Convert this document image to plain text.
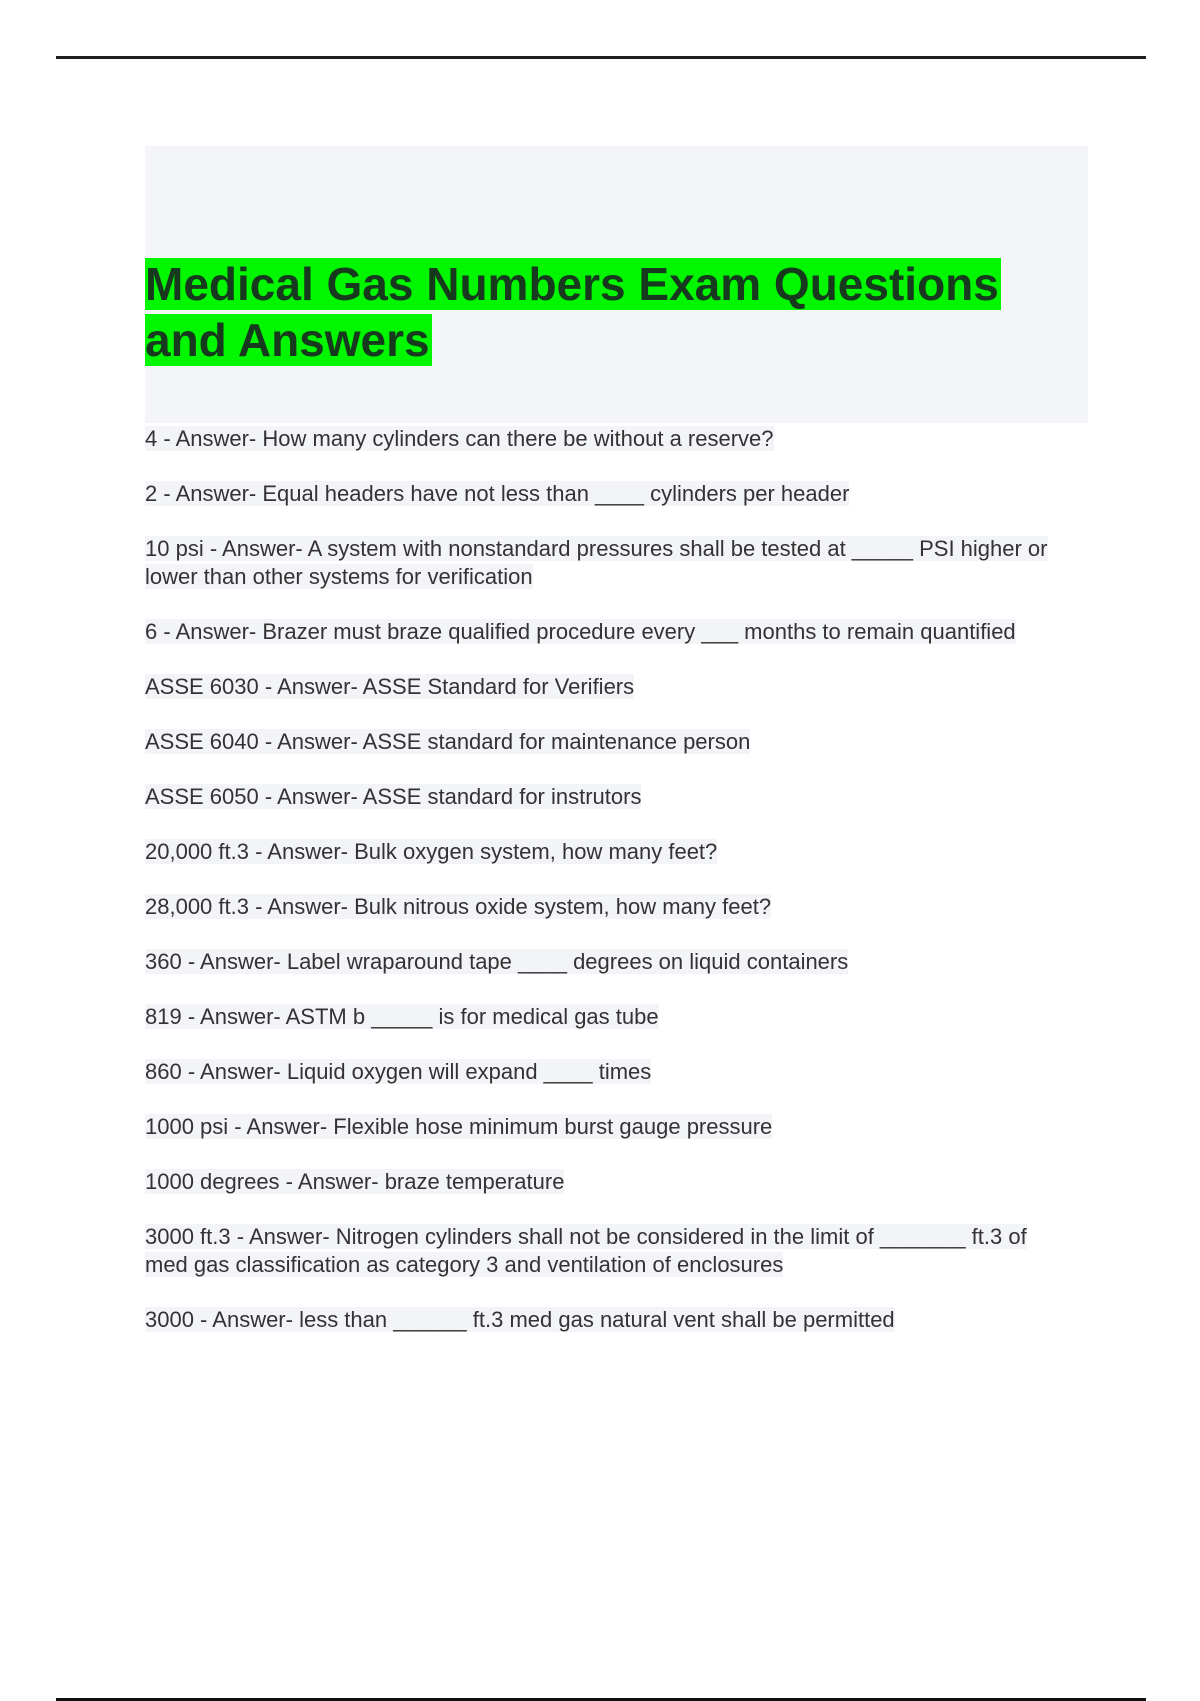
Medical Gas Numbers Exam Questions and Answers
4 - Answer- How many cylinders can there be without a reserve?
2 - Answer- Equal headers have not less than ____ cylinders per header
10 psi - Answer- A system with nonstandard pressures shall be tested at _____ PSI higher or lower than other systems for verification
6 - Answer- Brazer must braze qualified procedure every ___ months to remain quantified
ASSE 6030 - Answer- ASSE Standard for Verifiers
ASSE 6040 - Answer- ASSE standard for maintenance person
ASSE 6050 - Answer- ASSE standard for instrutors
20,000 ft.3 - Answer- Bulk oxygen system, how many feet?
28,000 ft.3 - Answer- Bulk nitrous oxide system, how many feet?
360 - Answer- Label wraparound tape ____ degrees on liquid containers
819 - Answer- ASTM b _____ is for medical gas tube
860 - Answer- Liquid oxygen will expand ____ times
1000 psi - Answer- Flexible hose minimum burst gauge pressure
1000 degrees - Answer- braze temperature
3000 ft.3 - Answer- Nitrogen cylinders shall not be considered in the limit of _______ ft.3 of med gas classification as category 3 and ventilation of enclosures
3000 - Answer- less than ______ ft.3 med gas natural vent shall be permitted
